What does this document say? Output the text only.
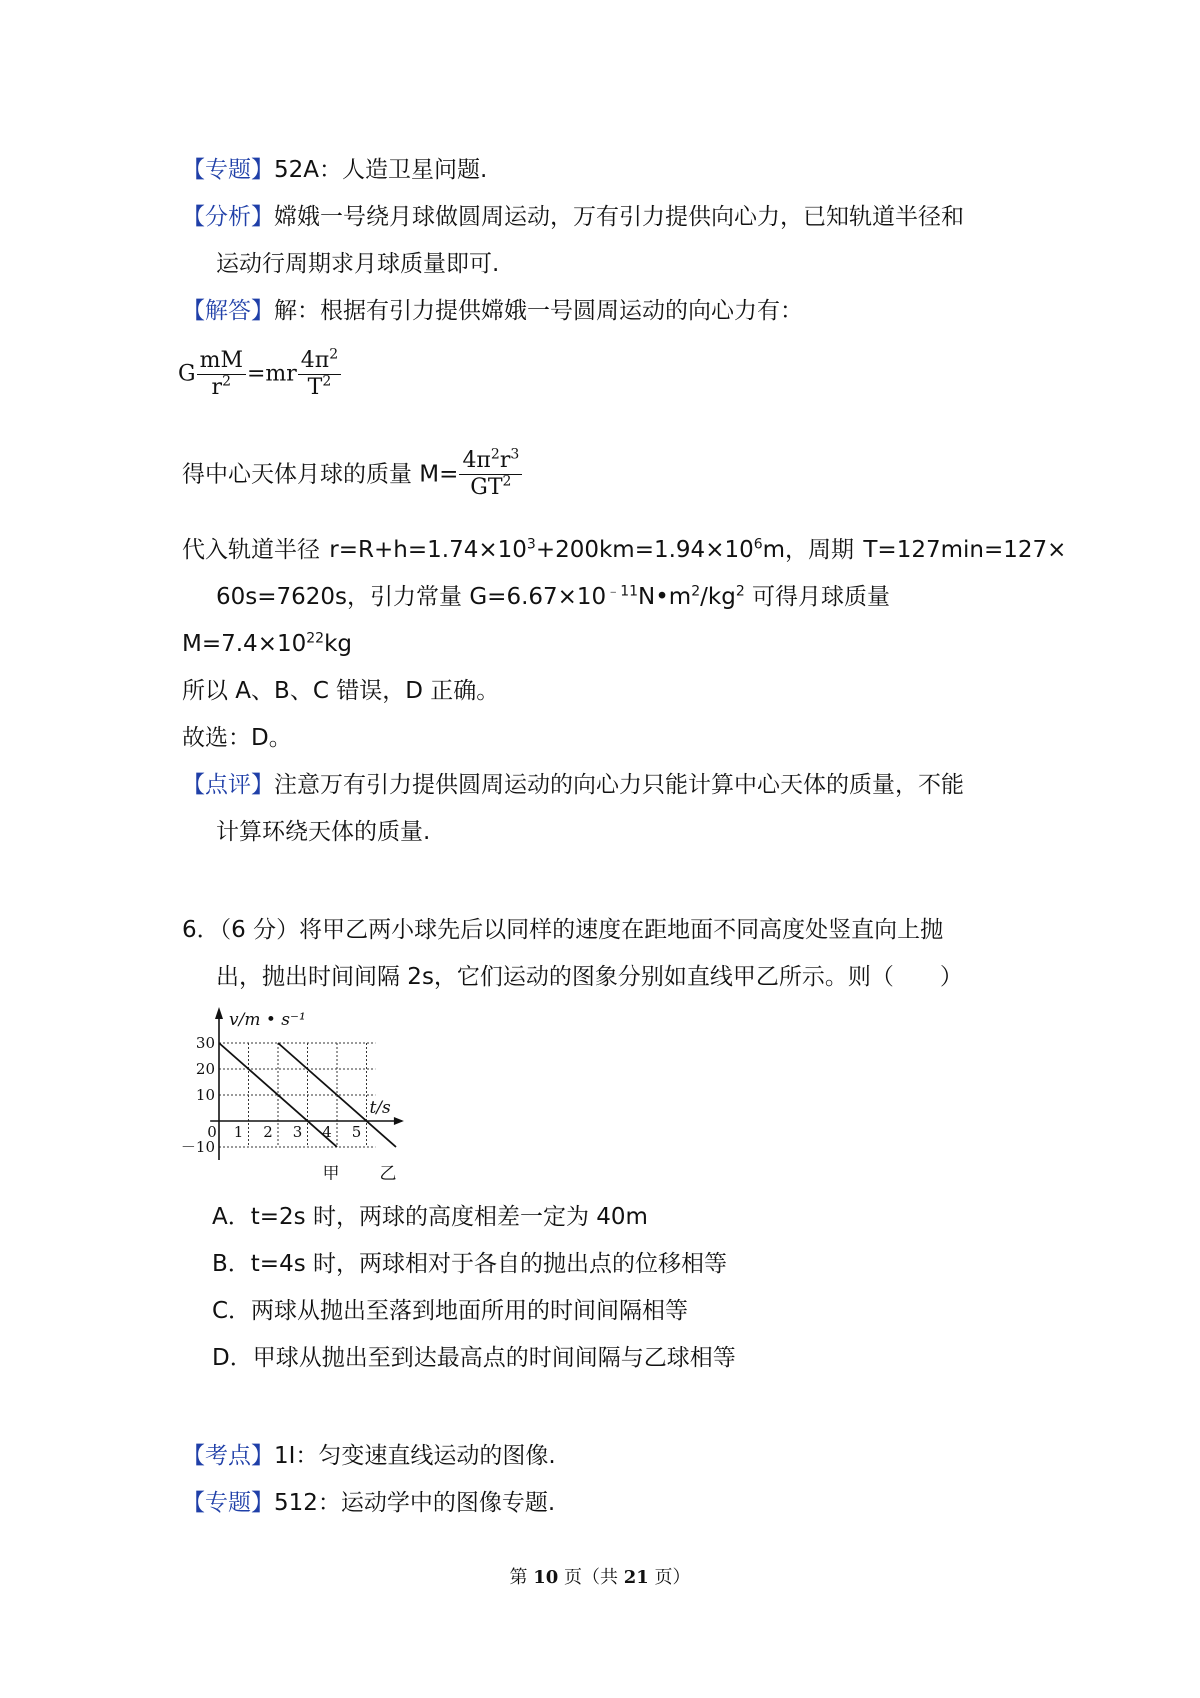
【专题】52A：人造卫星问题.
【分析】嫦娥一号绕月球做圆周运动，万有引力提供向心力，已知轨道半径和
运动行周期求月球质量即可.
【解答】解：根据有引力提供嫦娥一号圆周运动的向心力有：
G $\frac{mM}{r^2} =mr \frac{4\pi^2}{T^2}$
得中心天体月球的质量 $M= \frac{4\pi^2r^3}{GT^2}$
代入轨道半径 $r=R+h=1.74\times 10^3+200km=1.94\times 10^6m$，周期 T=127min=127×
60s=7620s，引力常量 $G=6.67\times 10^{﹣11}N•m^2/kg^2$ 可得月球质量
$M=7.4\times 10^{22}kg$
所以 A、B、C 错误，D 正确。
故选：D。
【点评】注意万有引力提供圆周运动的向心力只能计算中心天体的质量，不能
计算环绕天体的质量.
6．（6 分）将甲乙两小球先后以同样的速度在距地面不同高度处竖直向上抛
出，抛出时间间隔 2s，它们运动的图象分别如直线甲乙所示。则（　　）
v/m • s⁻¹
t/s
30
20
10
－10
0 1 2 3 4 5
甲 乙
A．t=2s 时，两球的高度相差一定为 40m
B．t=4s 时，两球相对于各自的抛出点的位移相等
C．两球从抛出至落到地面所用的时间间隔相等
D．甲球从抛出至到达最高点的时间间隔与乙球相等
【考点】1I：匀变速直线运动的图像.
【专题】512：运动学中的图像专题.
第 10 页（共 21 页）
